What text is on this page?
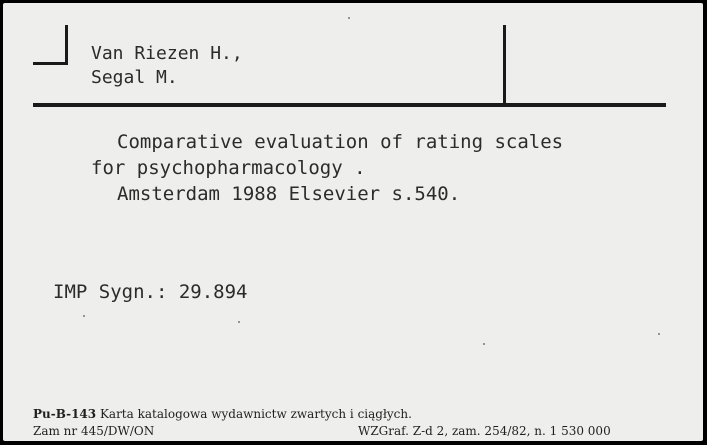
Van Riezen H.,
Segal M.
Comparative evaluation of rating scales
for psychopharmacology .
Amsterdam 1988 Elsevier s.540.
IMP Sygn.: 29.894
Pu-B-143 Karta katalogowa wydawnictw zwartych i ciągłych.
Zam nr 445/DW/ON	WZGraf. Z-d 2, zam. 254/82, n. 1 530 000
